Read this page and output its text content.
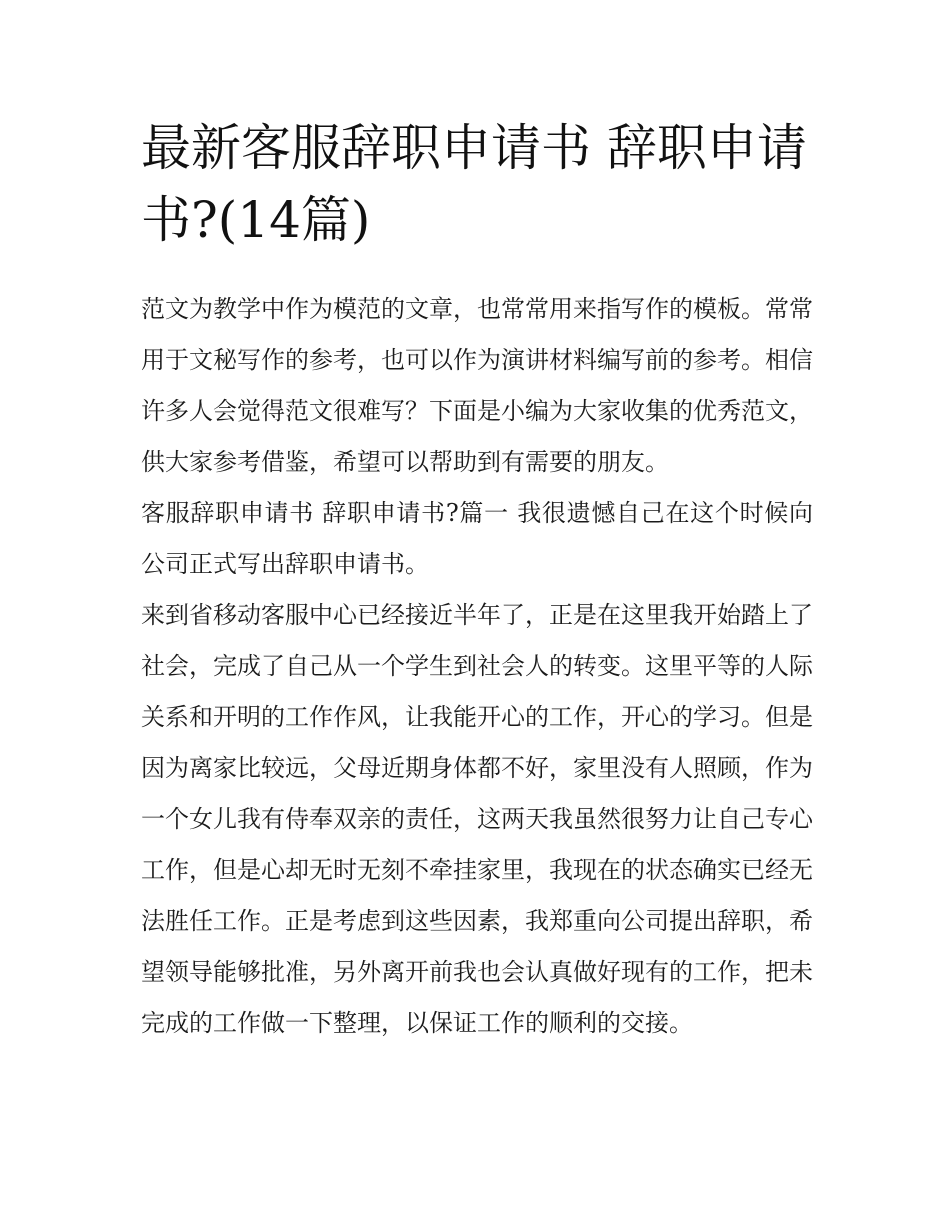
最新客服辞职申请书 辞职申请书?(14篇)

范文为教学中作为模范的文章，也常常用来指写作的模板。常常用于文秘写作的参考，也可以作为演讲材料编写前的参考。相信许多人会觉得范文很难写？下面是小编为大家收集的优秀范文，供大家参考借鉴，希望可以帮助到有需要的朋友。

客服辞职申请书 辞职申请书?篇一 我很遗憾自己在这个时候向公司正式写出辞职申请书。

来到省移动客服中心已经接近半年了，正是在这里我开始踏上了社会，完成了自己从一个学生到社会人的转变。这里平等的人际关系和开明的工作作风，让我能开心的工作，开心的学习。但是因为离家比较远，父母近期身体都不好，家里没有人照顾，作为一个女儿我有侍奉双亲的责任，这两天我虽然很努力让自己专心工作，但是心却无时无刻不牵挂家里，我现在的状态确实已经无法胜任工作。正是考虑到这些因素，我郑重向公司提出辞职，希望领导能够批准，另外离开前我也会认真做好现有的工作，把未完成的工作做一下整理，以保证工作的顺利的交接。
